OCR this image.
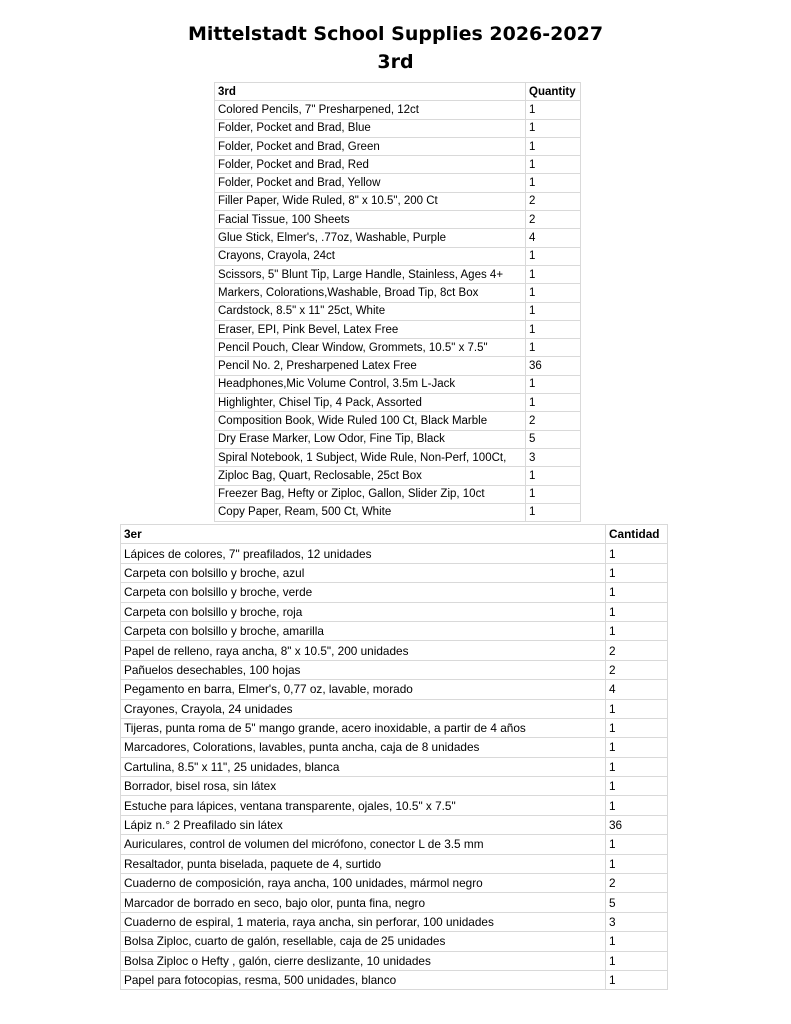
Mittelstadt School Supplies 2026-2027
3rd
3rd	Quantity
Colored Pencils, 7" Presharpened, 12ct	1
Folder, Pocket and Brad, Blue	1
Folder, Pocket and Brad, Green	1
Folder, Pocket and Brad, Red	1
Folder, Pocket and Brad, Yellow	1
Filler Paper, Wide Ruled, 8" x 10.5", 200 Ct	2
Facial Tissue, 100 Sheets	2
Glue Stick, Elmer's, .77oz, Washable, Purple	4
Crayons, Crayola, 24ct	1
Scissors, 5" Blunt Tip, Large Handle, Stainless, Ages 4+	1
Markers, Colorations,Washable, Broad Tip, 8ct Box	1
Cardstock, 8.5" x 11" 25ct, White	1
Eraser, EPI, Pink Bevel, Latex Free	1
Pencil Pouch, Clear Window, Grommets, 10.5" x 7.5"	1
Pencil No. 2, Presharpened Latex Free	36
Headphones,Mic Volume Control, 3.5m L-Jack	1
Highlighter, Chisel Tip, 4 Pack, Assorted	1
Composition Book, Wide Ruled 100 Ct, Black Marble	2
Dry Erase Marker, Low Odor, Fine Tip, Black	5
Spiral Notebook, 1 Subject, Wide Rule, Non-Perf, 100Ct,	3
Ziploc Bag, Quart, Reclosable, 25ct Box	1
Freezer Bag, Hefty or Ziploc, Gallon, Slider Zip, 10ct	1
Copy Paper, Ream, 500 Ct, White	1
3er	Cantidad
Lápices de colores, 7" preafilados, 12 unidades	1
Carpeta con bolsillo y broche, azul	1
Carpeta con bolsillo y broche, verde	1
Carpeta con bolsillo y broche, roja	1
Carpeta con bolsillo y broche, amarilla	1
Papel de relleno, raya ancha, 8" x 10.5", 200 unidades	2
Pañuelos desechables, 100 hojas	2
Pegamento en barra, Elmer's, 0,77 oz, lavable, morado	4
Crayones, Crayola, 24 unidades	1
Tijeras, punta roma de 5" mango grande, acero inoxidable, a partir de 4 años	1
Marcadores, Colorations, lavables, punta ancha, caja de 8 unidades	1
Cartulina, 8.5" x 11", 25 unidades, blanca	1
Borrador, bisel rosa, sin látex	1
Estuche para lápices, ventana transparente, ojales, 10.5" x 7.5"	1
Lápiz n.° 2 Preafilado sin látex	36
Auriculares, control de volumen del micrófono, conector L de 3.5 mm	1
Resaltador, punta biselada, paquete de 4, surtido	1
Cuaderno de composición, raya ancha, 100 unidades, mármol negro	2
Marcador de borrado en seco, bajo olor, punta fina, negro	5
Cuaderno de espiral, 1 materia, raya ancha, sin perforar, 100 unidades	3
Bolsa Ziploc, cuarto de galón, resellable, caja de 25 unidades	1
Bolsa Ziploc o Hefty , galón, cierre deslizante, 10 unidades	1
Papel para fotocopias, resma, 500 unidades, blanco	1
